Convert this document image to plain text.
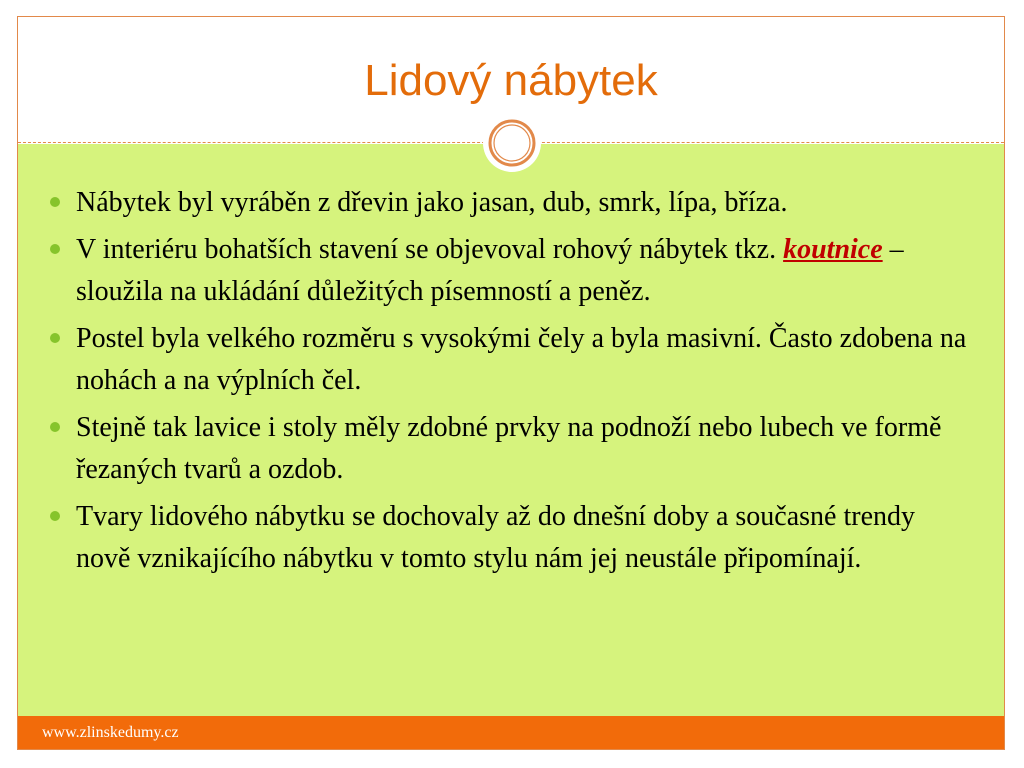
Lidový nábytek
Nábytek byl vyráběn z dřevin jako jasan, dub, smrk, lípa, bříza.
V interiéru bohatších stavení se objevoval rohový nábytek tkz. koutnice – sloužila na ukládání důležitých písemností a peněz.
Postel byla velkého rozměru s vysokými čely a byla masivní. Často zdobena na nohách a na výplních čel.
Stejně tak lavice i stoly měly zdobné prvky na podnoží nebo lubech ve formě řezaných tvarů a ozdob.
Tvary lidového nábytku se dochovaly až do dnešní doby a současné trendy nově vznikajícího nábytku v tomto stylu nám jej neustále připomínají.
www.zlinskedumy.cz
